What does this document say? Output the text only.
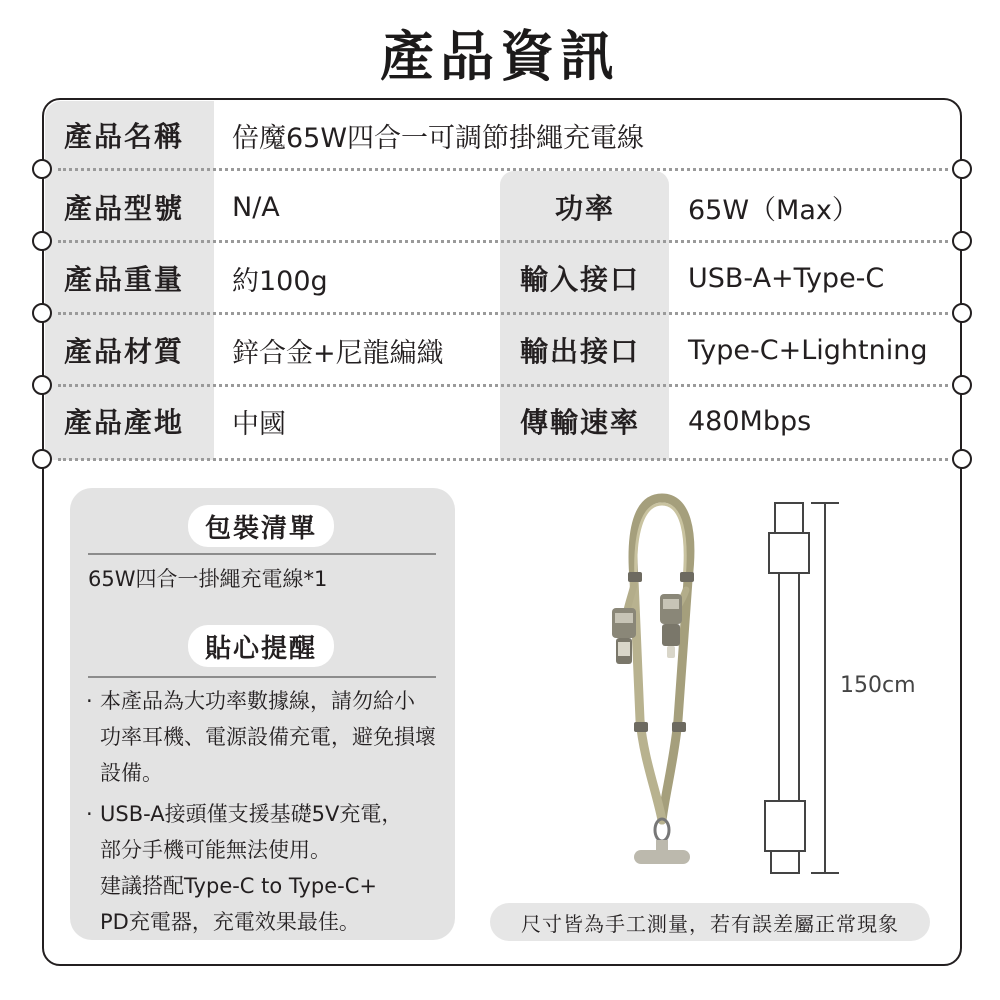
產品資訊
產品名稱 倍魔65W四合一可調節掛繩充電線
產品型號 N/A	功率	65W（Max）
產品重量 約100g	輸入接口 USB-A+Type-C
產品材質 鋅合金+尼龍編織	輸出接口 Type-C+Lightning
產品產地 中國	傳輸速率 480Mbps
包裝清單
65W四合一掛繩充電線*1
貼心提醒
· 本產品為大功率數據線，請勿給小
功率耳機、電源設備充電，避免損壞
設備。
· USB-A接頭僅支援基礎5V充電，
部分手機可能無法使用。
建議搭配Type-C to Type-C+
PD充電器，充電效果最佳。
150cm
尺寸皆為手工測量，若有誤差屬正常現象
